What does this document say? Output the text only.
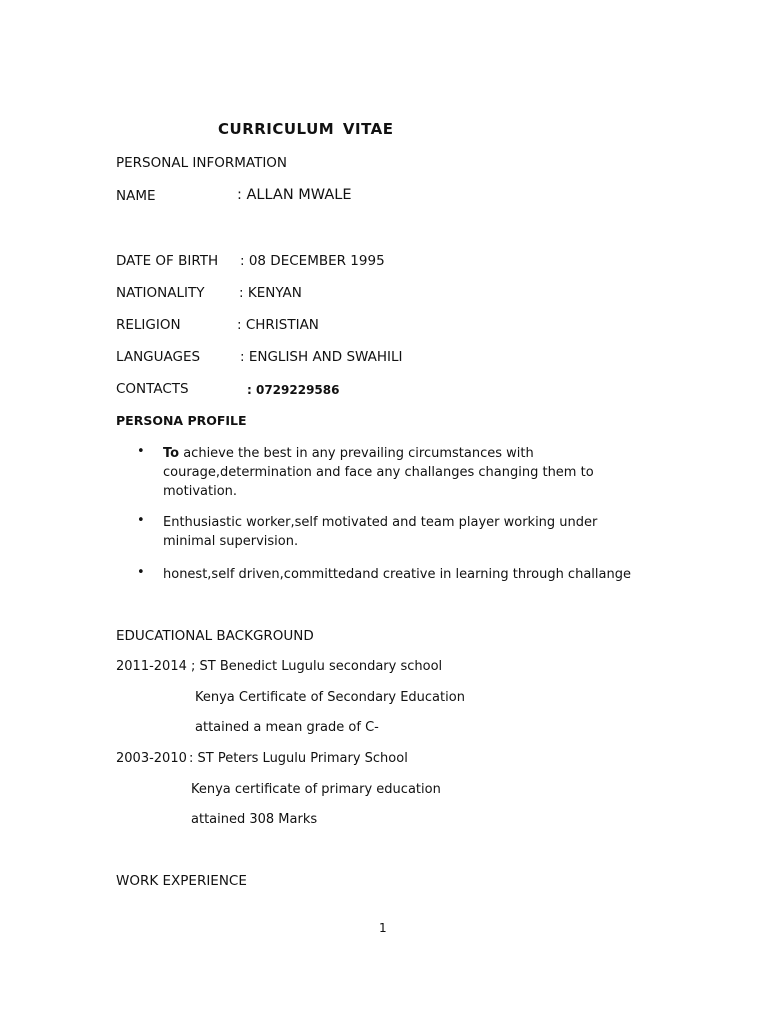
CURRICULUM VITAE
PERSONAL INFORMATION
NAME	: ALLAN MWALE
DATE OF BIRTH : 08 DECEMBER 1995
NATIONALITY	: KENYAN
RELIGION	: CHRISTIAN
LANGUAGES	: ENGLISH AND SWAHILI
CONTACTS	: 0729229586
PERSONA PROFILE
• To achieve the best in any prevailing circumstances with courage,determination and face any challanges changing them to motivation.
• Enthusiastic worker,self motivated and team player working under minimal supervision.
• honest,self driven,committedand creative in learning through challange
EDUCATIONAL BACKGROUND
2011-2014 ; ST Benedict Lugulu secondary school
Kenya Certificate of Secondary Education
attained a mean grade of C-
2003-2010 : ST Peters Lugulu Primary School
Kenya certificate of primary education
attained 308 Marks
WORK EXPERIENCE
1
